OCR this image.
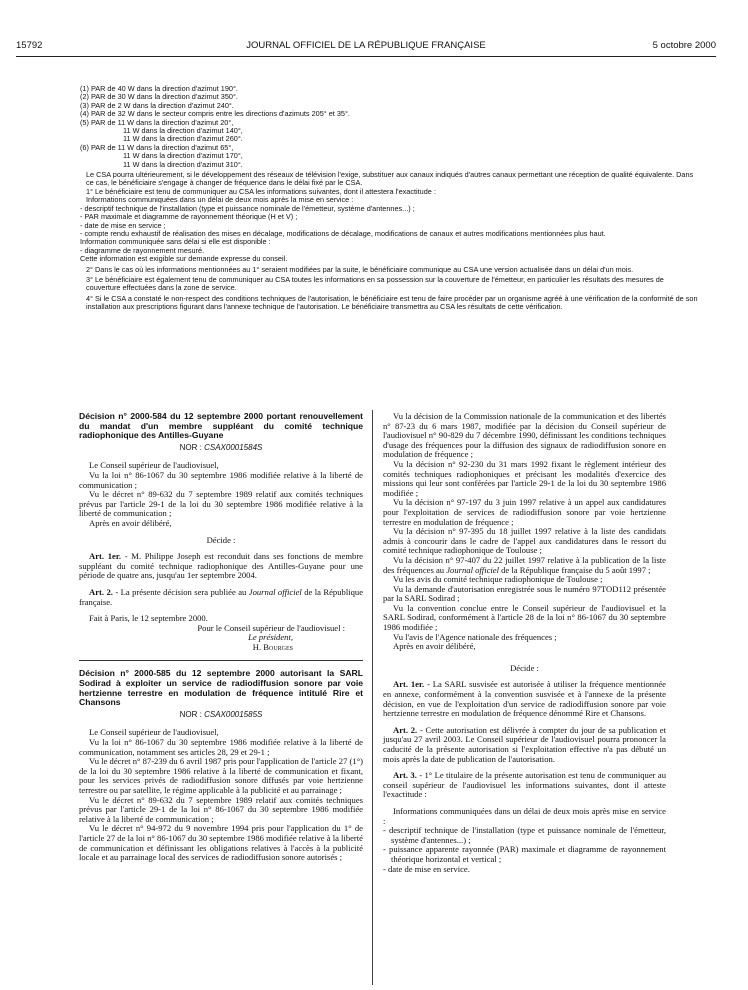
15792	JOURNAL OFFICIEL DE LA RÉPUBLIQUE FRANÇAISE	5 octobre 2000

(1) PAR de 40 W dans la direction d'azimut 190°.

(2) PAR de 30 W dans la direction d'azimut 350°.

(3) PAR de 2 W dans la direction d'azimut 240°.

(4) PAR de 32 W dans le secteur compris entre les directions d'azimuts 205° et 35°.

(5) PAR de 11 W dans la direction d'azimut 20°,

11 W dans la direction d'azimut 140°,

11 W dans la direction d'azimut 260°.

(6) PAR de 11 W dans la direction d'azimut 65°,

11 W dans la direction d'azimut 170°,

11 W dans la direction d'azimut 310°.

Le CSA pourra ultérieurement, si le développement des réseaux de télévision l'exige, substituer aux canaux indiqués d'autres canaux permettant une réception de qualité équivalente. Dans ce cas, le bénéficiaire s'engage à changer de fréquence dans le délai fixé par le CSA.

1° Le bénéficiaire est tenu de communiquer au CSA les informations suivantes, dont il attestera l'exactitude :

Informations communiquées dans un délai de deux mois après la mise en service :

- descriptif technique de l'installation (type et puissance nominale de l'émetteur, système d'antennes...) ;

- PAR maximale et diagramme de rayonnement théorique (H et V) ;

- date de mise en service ;

- compte rendu exhaustif de réalisation des mises en décalage, modifications de décalage, modifications de canaux et autres modifications mentionnées plus haut.

Information communiquée sans délai si elle est disponible :

- diagramme de rayonnement mesuré.

Cette information est exigible sur demande expresse du conseil.

2° Dans le cas où les informations mentionnées au 1° seraient modifiées par la suite, le bénéficiaire communique au CSA une version actualisée dans un délai d'un mois.

3° Le bénéficiaire est également tenu de communiquer au CSA toutes les informations en sa possession sur la couverture de l'émetteur, en particulier les résultats des mesures de couverture effectuées dans la zone de service.

4° Si le CSA a constaté le non-respect des conditions techniques de l'autorisation, le bénéficiaire est tenu de faire procéder par un organisme agréé à une vérification de la conformité de son installation aux prescriptions figurant dans l'annexe technique de l'autorisation. Le bénéficiaire transmettra au CSA les résultats de cette vérification.

Décision n° 2000-584 du 12 septembre 2000 portant renouvellement du mandat d'un membre suppléant du comité technique radiophonique des Antilles-Guyane

NOR : CSAX0001584S

Le Conseil supérieur de l'audiovisuel,

Vu la loi n° 86-1067 du 30 septembre 1986 modifiée relative à la liberté de communication ;

Vu le décret n° 89-632 du 7 septembre 1989 relatif aux comités techniques prévus par l'article 29-1 de la loi du 30 septembre 1986 modifiée relative à la liberté de communication ;

Après en avoir délibéré,

Décide :

Art. 1er. - M. Philippe Joseph est reconduit dans ses fonctions de membre suppléant du comité technique radiophonique des Antilles-Guyane pour une période de quatre ans, jusqu'au 1er septembre 2004.

Art. 2. - La présente décision sera publiée au Journal officiel de la République française.

Fait à Paris, le 12 septembre 2000.

Pour le Conseil supérieur de l'audiovisuel :

Le président,

H. Bourges

Décision n° 2000-585 du 12 septembre 2000 autorisant la SARL Sodirad à exploiter un service de radiodiffusion sonore par voie hertzienne terrestre en modulation de fréquence intitulé Rire et Chansons

NOR : CSAX0001585S

Le Conseil supérieur de l'audiovisuel,

Vu la loi n° 86-1067 du 30 septembre 1986 modifiée relative à la liberté de communication, notamment ses articles 28, 29 et 29-1 ;

Vu le décret n° 87-239 du 6 avril 1987 pris pour l'application de l'article 27 (1°) de la loi du 30 septembre 1986 relative à la liberté de communication et fixant, pour les services privés de radiodiffusion sonore diffusés par voie hertzienne terrestre ou par satellite, le régime applicable à la publicité et au parrainage ;

Vu le décret n° 89-632 du 7 septembre 1989 relatif aux comités techniques prévus par l'article 29-1 de la loi n° 86-1067 du 30 septembre 1986 modifiée relative à la liberté de communication ;

Vu le décret n° 94-972 du 9 novembre 1994 pris pour l'application du 1° de l'article 27 de la loi n° 86-1067 du 30 septembre 1986 modifiée relative à la liberté de communication et définissant les obligations relatives à l'accès à la publicité locale et au parrainage local des services de radiodiffusion sonore autorisés ;

Vu la décision de la Commission nationale de la communication et des libertés n° 87-23 du 6 mars 1987, modifiée par la décision du Conseil supérieur de l'audiovisuel n° 90-829 du 7 décembre 1990, définissant les conditions techniques d'usage des fréquences pour la diffusion des signaux de radiodiffusion sonore en modulation de fréquence ;

Vu la décision n° 92-230 du 31 mars 1992 fixant le règlement intérieur des comités techniques radiophoniques et précisant les modalités d'exercice des missions qui leur sont conférées par l'article 29-1 de la loi du 30 septembre 1986 modifiée ;

Vu la décision n° 97-197 du 3 juin 1997 relative à un appel aux candidatures pour l'exploitation de services de radiodiffusion sonore par voie hertzienne terrestre en modulation de fréquence ;

Vu la décision n° 97-395 du 18 juillet 1997 relative à la liste des candidats admis à concourir dans le cadre de l'appel aux candidatures dans le ressort du comité technique radiophonique de Toulouse ;

Vu la décision n° 97-407 du 22 juillet 1997 relative à la publication de la liste des fréquences au Journal officiel de la République française du 5 août 1997 ;

Vu les avis du comité technique radiophonique de Toulouse ;

Vu la demande d'autorisation enregistrée sous le numéro 97TOD112 présentée par la SARL Sodirad ;

Vu la convention conclue entre le Conseil supérieur de l'audiovisuel et la SARL Sodirad, conformément à l'article 28 de la loi n° 86-1067 du 30 septembre 1986 modifiée ;

Vu l'avis de l'Agence nationale des fréquences ;

Après en avoir délibéré,

Décide :

Art. 1er. - La SARL susvisée est autorisée à utiliser la fréquence mentionnée en annexe, conformément à la convention susvisée et à l'annexe de la présente décision, en vue de l'exploitation d'un service de radiodiffusion sonore par voie hertzienne terrestre en modulation de fréquence dénommé Rire et Chansons.

Art. 2. - Cette autorisation est délivrée à compter du jour de sa publication et jusqu'au 27 avril 2003. Le Conseil supérieur de l'audiovisuel pourra prononcer la caducité de la présente autorisation si l'exploitation effective n'a pas débuté un mois après la date de publication de l'autorisation.

Art. 3. - 1° Le titulaire de la présente autorisation est tenu de communiquer au conseil supérieur de l'audiovisuel les informations suivantes, dont il atteste l'exactitude :

Informations communiquées dans un délai de deux mois après mise en service :

- descriptif technique de l'installation (type et puissance nominale de l'émetteur, système d'antennes...) ;

- puissance apparente rayonnée (PAR) maximale et diagramme de rayonnement théorique horizontal et vertical ;

- date de mise en service.
